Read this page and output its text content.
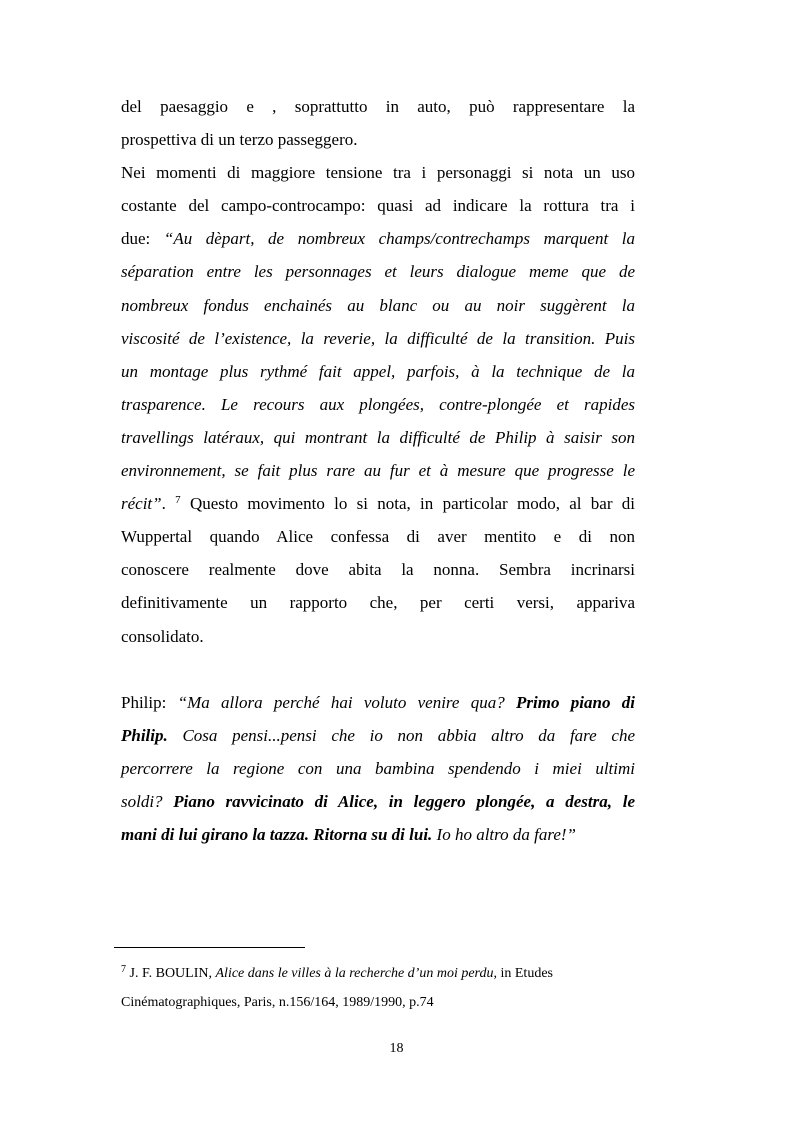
del paesaggio e , soprattutto in auto, può rappresentare la
prospettiva di un terzo passeggero.
Nei momenti di maggiore tensione tra i personaggi si nota un uso
costante del campo-controcampo: quasi ad indicare la rottura tra i
due: “Au dèpart, de nombreux champs/contrechamps marquent la
séparation entre les personnages et leurs dialogue meme que de
nombreux fondus enchainés au blanc ou au noir suggèrent la
viscosité de l’existence, la reverie, la difficulté de la transition. Puis
un montage plus rythmé fait appel, parfois, à la technique de la
trasparence. Le recours aux plongées, contre-plongée et rapides
travellings latéraux, qui montrant la difficulté de Philip à saisir son
environnement, se fait plus rare au fur et à mesure que progresse le
récit”. $^7$ Questo movimento lo si nota, in particolar modo, al bar di
Wuppertal quando Alice confessa di aver mentito e di non
conoscere realmente dove abita la nonna. Sembra incrinarsi
definitivamente un rapporto che, per certi versi, appariva
consolidato.
Philip: “Ma allora perché hai voluto venire qua? Primo piano di
Philip. Cosa pensi...pensi che io non abbia altro da fare che
percorrere la regione con una bambina spendendo i miei ultimi
soldi? Piano ravvicinato di Alice, in leggero plongée, a destra, le
mani di lui girano la tazza. Ritorna su di lui. Io ho altro da fare!”
$^7$ J. F. BOULIN, Alice dans le villes à la recherche d’un moi perdu, in Etudes
Cinématographiques, Paris, n.156/164, 1989/1990, p.74
18
